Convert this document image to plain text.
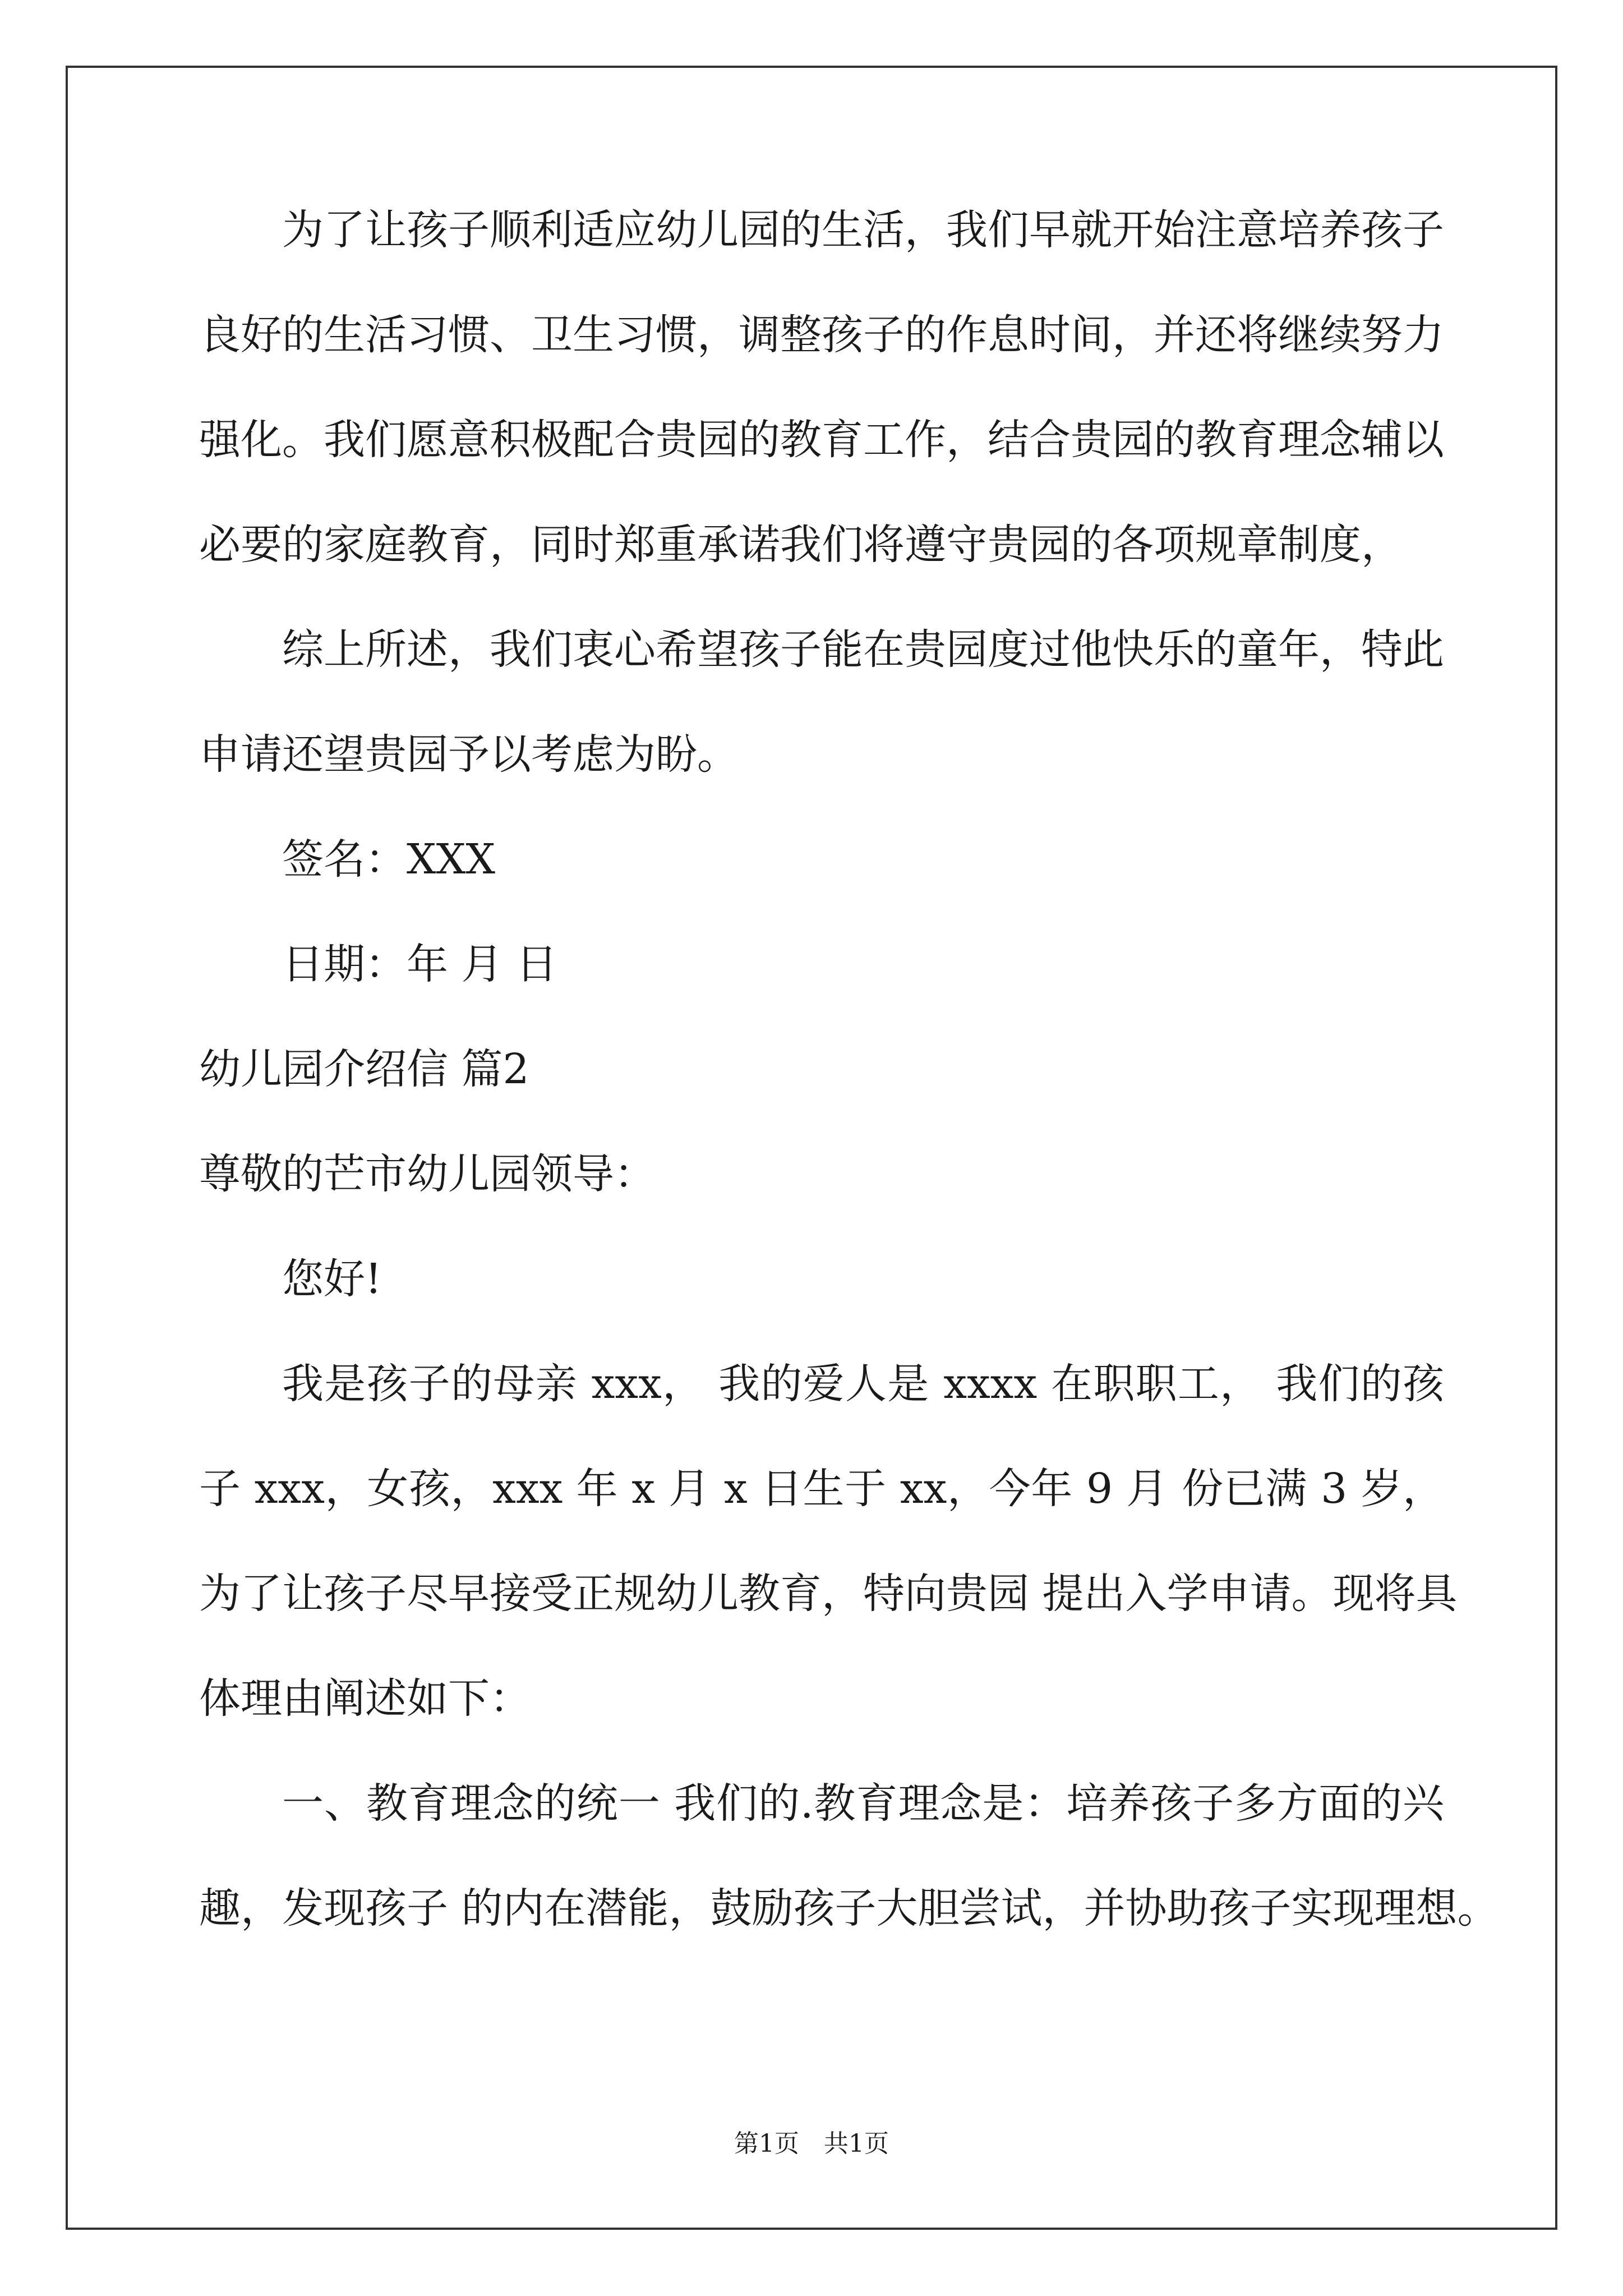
为了让孩子顺利适应幼儿园的生活，我们早就开始注意培养孩子
良好的生活习惯、卫生习惯，调整孩子的作息时间，并还将继续努力
强化。我们愿意积极配合贵园的教育工作，结合贵园的教育理念辅以
必要的家庭教育，同时郑重承诺我们将遵守贵园的各项规章制度，
综上所述，我们衷心希望孩子能在贵园度过他快乐的童年，特此
申请还望贵园予以考虑为盼。
签名：XXX
日期：年 月 日
幼儿园介绍信 篇2
尊敬的芒市幼儿园领导：
您好!
我是孩子的母亲 xxx， 我的爱人是 xxxx 在职职工， 我们的孩
子 xxx，女孩，xxx 年 x 月 x 日生于 xx，今年 9 月 份已满 3 岁，
为了让孩子尽早接受正规幼儿教育，特向贵园 提出入学申请。现将具
体理由阐述如下：
一、教育理念的统一 我们的.教育理念是：培养孩子多方面的兴
趣，发现孩子 的内在潜能，鼓励孩子大胆尝试，并协助孩子实现理想。
第1页 共1页
